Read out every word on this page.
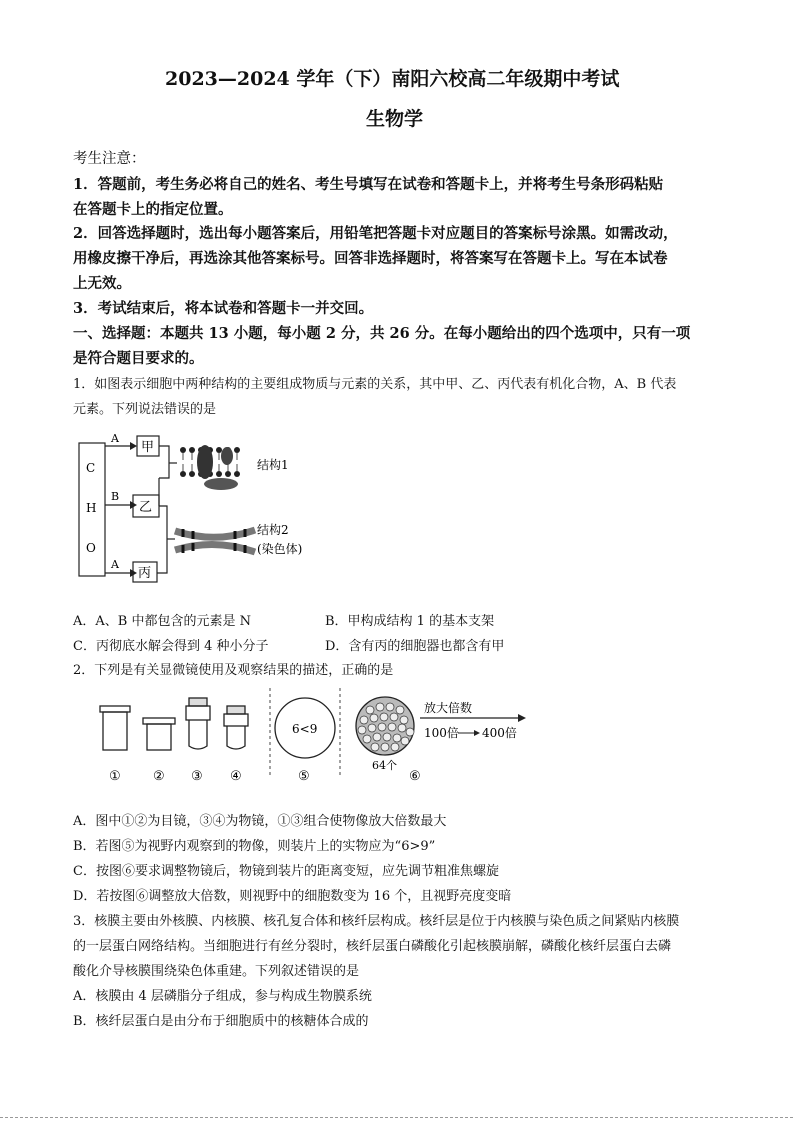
2023—2024 学年（下）南阳六校高二年级期中考试
生物学
考生注意：
1．答题前，考生务必将自己的姓名、考生号填写在试卷和答题卡上，并将考生号条形码粘贴
在答题卡上的指定位置。
2．回答选择题时，选出每小题答案后，用铅笔把答题卡对应题目的答案标号涂黑。如需改动，
用橡皮擦干净后，再选涂其他答案标号。回答非选择题时，将答案写在答题卡上。写在本试卷
上无效。
3．考试结束后，将本试卷和答题卡一并交回。
一、选择题：本题共 13 小题，每小题 2 分，共 26 分。在每小题给出的四个选项中，只有一项
是符合题目要求的。
1．如图表示细胞中两种结构的主要组成物质与元素的关系，其中甲、乙、丙代表有机化合物，A、B 代表
元素。下列说法错误的是
C
H
O
A
B
A
甲
乙
丙
结构1
结构2
(染色体)
A．A、B 中都包含的元素是 N	B．甲构成结构 1 的基本支架
C．丙彻底水解会得到 4 种小分子	D．含有丙的细胞器也都含有甲
2．下列是有关显微镜使用及观察结果的描述，正确的是
6<9
64个
放大倍数
100倍 400倍
① ② ③ ④	⑤	⑥
A．图中①②为目镜，③④为物镜，①③组合使物像放大倍数最大
B．若图⑤为视野内观察到的物像，则装片上的实物应为“6>9”
C．按图⑥要求调整物镜后，物镜到装片的距离变短，应先调节粗准焦螺旋
D．若按图⑥调整放大倍数，则视野中的细胞数变为 16 个，且视野亮度变暗
3．核膜主要由外核膜、内核膜、核孔复合体和核纤层构成。核纤层是位于内核膜与染色质之间紧贴内核膜
的一层蛋白网络结构。当细胞进行有丝分裂时，核纤层蛋白磷酸化引起核膜崩解，磷酸化核纤层蛋白去磷
酸化介导核膜围绕染色体重建。下列叙述错误的是
A．核膜由 4 层磷脂分子组成，参与构成生物膜系统
B．核纤层蛋白是由分布于细胞质中的核糖体合成的
